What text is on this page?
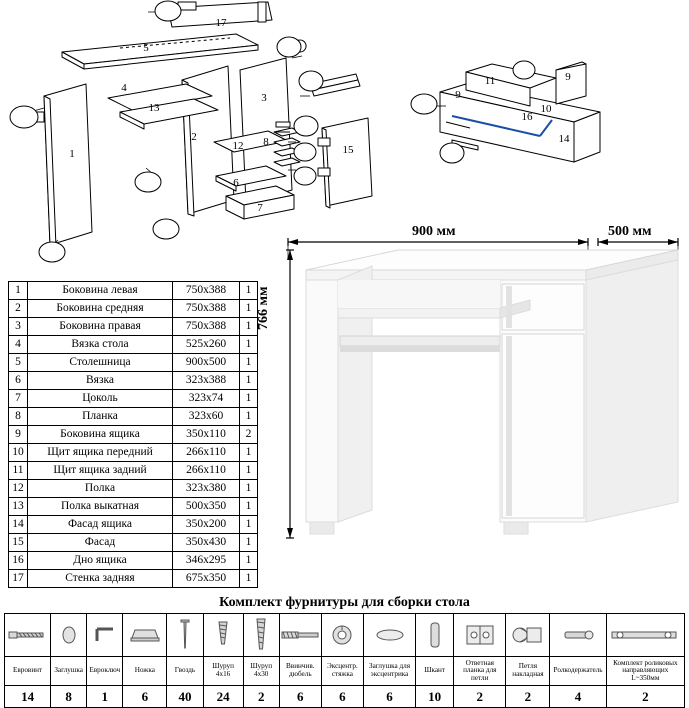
17
5
4
13
3
2
1
12
6
7
8
15
11	9
10
14
16
9
1	Боковина левая	750х388	1
2	Боковина средняя	750х388	1
3	Боковина правая	750х388	1
4	Вязка стола	525х260	1
5	Столешница	900х500	1
6	Вязка	323х388	1
7	Цоколь	323х74	1
8	Планка	323х60	1
9	Боковина ящика	350х110	2
10	Щит ящика передний	266х110	1
11	Щит ящика задний	266х110	1
12	Полка	323х380	1
13	Полка выкатная	500х350	1
14	Фасад ящика	350х200	1
15	Фасад	350х430	1
16	Дно ящика	346х295	1
17	Стенка задняя	675х350	1
900 мм	500 мм
766 мм
Комплект фурнитуры для сборки стола

Евровинт	Заглушка	Евроключ	Ножка	Гвоздь	Шуруп 4х16	Шуруп 4х30	Ввинчив. дюбель	Эксцентр. стяжка	Заглушка для эксцентрика	Шкант	Ответная планка для петли	Петля накладная	Ролкодержатель	Комплект роликовых направляющих L~350мм
14	8	1	6	40	24	2	6	6	6	10	2	2	4	2
